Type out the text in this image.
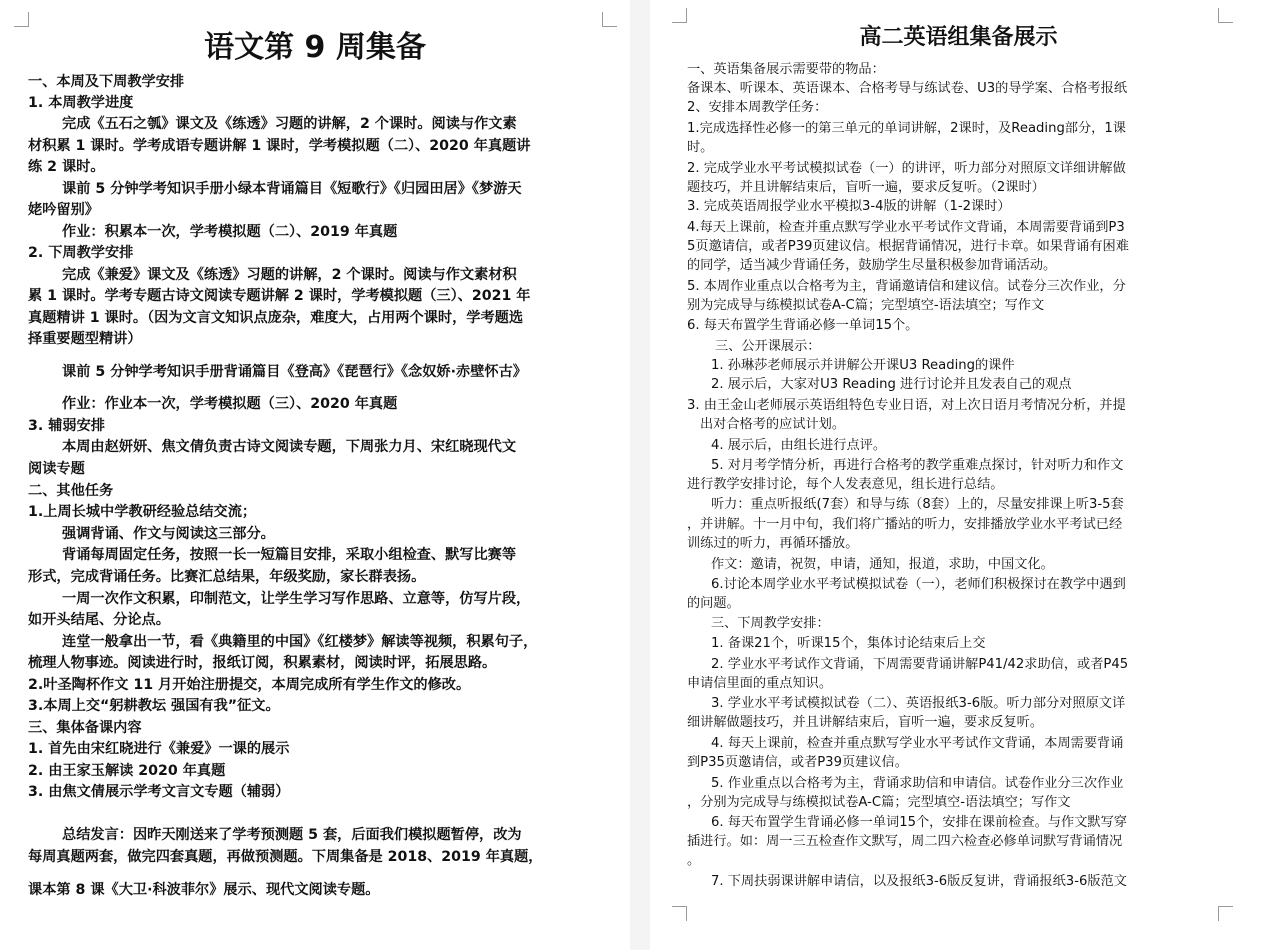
语文第 9 周集备
一、本周及下周教学安排
1. 本周教学进度
完成《五石之瓠》课文及《练透》习题的讲解，2 个课时。阅读与作文素
材积累 1 课时。学考成语专题讲解 1 课时，学考模拟题（二）、2020 年真题讲
练 2 课时。
课前 5 分钟学考知识手册小绿本背诵篇目《短歌行》《归园田居》《梦游天
姥吟留别》
作业：积累本一次，学考模拟题（二）、2019 年真题
2. 下周教学安排
完成《兼爱》课文及《练透》习题的讲解，2 个课时。阅读与作文素材积
累 1 课时。学考专题古诗文阅读专题讲解 2 课时，学考模拟题（三）、2021 年
真题精讲 1 课时。（因为文言文知识点庞杂，难度大，占用两个课时，学考题选
择重要题型精讲）
课前 5 分钟学考知识手册背诵篇目《登高》《琵琶行》《念奴娇·赤壁怀古》
作业：作业本一次，学考模拟题（三）、2020 年真题
3. 辅弱安排
本周由赵妍妍、焦文倩负责古诗文阅读专题，下周张力月、宋红晓现代文
阅读专题
二、其他任务
1.上周长城中学教研经验总结交流；
强调背诵、作文与阅读这三部分。
背诵每周固定任务，按照一长一短篇目安排，采取小组检查、默写比赛等
形式，完成背诵任务。比赛汇总结果，年级奖励，家长群表扬。
一周一次作文积累，印制范文，让学生学习写作思路、立意等，仿写片段，
如开头结尾、分论点。
连堂一般拿出一节，看《典籍里的中国》《红楼梦》解读等视频，积累句子，
梳理人物事迹。阅读进行时，报纸订阅，积累素材，阅读时评，拓展思路。
2.叶圣陶杯作文 11 月开始注册提交，本周完成所有学生作文的修改。
3.本周上交“躬耕教坛 强国有我”征文。
三、集体备课内容
1. 首先由宋红晓进行《兼爱》一课的展示
2. 由王家玉解读 2020 年真题
3. 由焦文倩展示学考文言文专题（辅弱）
总结发言：因昨天刚送来了学考预测题 5 套，后面我们模拟题暂停，改为
每周真题两套，做完四套真题，再做预测题。下周集备是 2018、2019 年真题，
课本第 8 课《大卫·科波菲尔》展示、现代文阅读专题。
高二英语组集备展示
一、英语集备展示需要带的物品：
备课本、听课本、英语课本、合格考导与练试卷、U3的导学案、合格考报纸
2、安排本周教学任务：
1.完成选择性必修一的第三单元的单词讲解，2课时，及Reading部分，1课
时。
2. 完成学业水平考试模拟试卷（一）的讲评，听力部分对照原文详细讲解做
题技巧，并且讲解结束后，盲听一遍，要求反复听。（2课时）
3. 完成英语周报学业水平模拟3-4版的讲解（1-2课时）
4.每天上课前，检查并重点默写学业水平考试作文背诵，本周需要背诵到P3
5页邀请信，或者P39页建议信。根据背诵情况，进行卡章。如果背诵有困难
的同学，适当减少背诵任务，鼓励学生尽量积极参加背诵活动。
5. 本周作业重点以合格考为主，背诵邀请信和建议信。试卷分三次作业，分
别为完成导与练模拟试卷A-C篇；完型填空-语法填空；写作文
6. 每天布置学生背诵必修一单词15个。
三、公开课展示：
1. 孙琳莎老师展示并讲解公开课U3 Reading的课件
2. 展示后，大家对U3 Reading 进行讨论并且发表自己的观点
3. 由王金山老师展示英语组特色专业日语，对上次日语月考情况分析，并提
出对合格考的应试计划。
4. 展示后，由组长进行点评。
5. 对月考学情分析，再进行合格考的教学重难点探讨，针对听力和作文
进行教学安排讨论，每个人发表意见，组长进行总结。
听力：重点听报纸(7套）和导与练（8套）上的，尽量安排课上听3-5套
，并讲解。十一月中旬，我们将广播站的听力，安排播放学业水平考试已经
训练过的听力，再循环播放。
作文：邀请，祝贺，申请，通知，报道，求助，中国文化。
6.讨论本周学业水平考试模拟试卷（一），老师们积极探讨在教学中遇到
的问题。
三、下周教学安排：
1. 备课21个，听课15个，集体讨论结束后上交
2. 学业水平考试作文背诵，下周需要背诵讲解P41/42求助信，或者P45
申请信里面的重点知识。
3. 学业水平考试模拟试卷（二）、英语报纸3-6版。听力部分对照原文详
细讲解做题技巧，并且讲解结束后，盲听一遍，要求反复听。
4. 每天上课前，检查并重点默写学业水平考试作文背诵，本周需要背诵
到P35页邀请信，或者P39页建议信。
5. 作业重点以合格考为主，背诵求助信和申请信。试卷作业分三次作业
，分别为完成导与练模拟试卷A-C篇；完型填空-语法填空；写作文
6. 每天布置学生背诵必修一单词15个，安排在课前检查。与作文默写穿
插进行。如：周一三五检查作文默写，周二四六检查必修单词默写背诵情况
。
7. 下周扶弱课讲解申请信，以及报纸3-6版反复讲，背诵报纸3-6版范文
